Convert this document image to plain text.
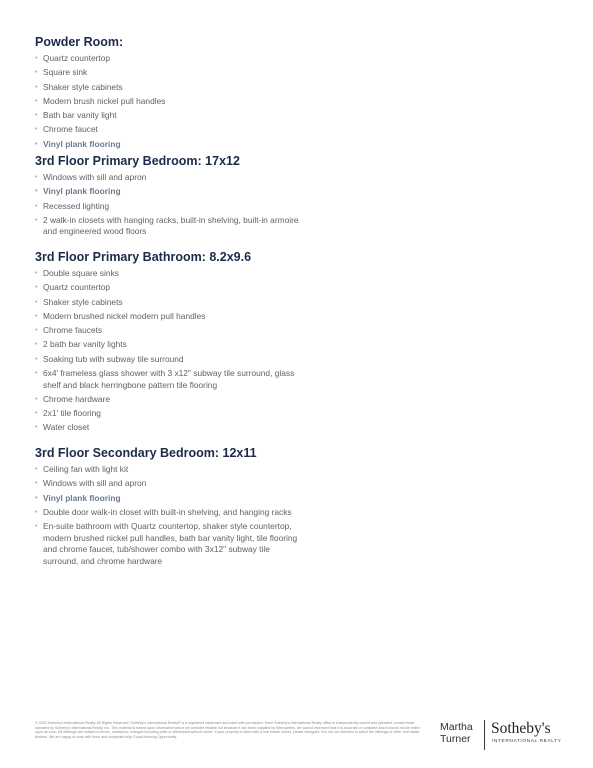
Powder Room:
• Quartz countertop
• Square sink
• Shaker style cabinets
• Modern brush nickel pull handles
• Bath bar vanity light
• Chrome faucet
• Vinyl plank flooring
3rd Floor Primary Bedroom: 17x12
• Windows with sill and apron
• Vinyl plank flooring
• Recessed lighting
• 2 walk-in closets with hanging racks, built-in shelving, built-in armoire and engineered wood floors
3rd Floor Primary Bathroom: 8.2x9.6
• Double square sinks
• Quartz countertop
• Shaker style cabinets
• Modern brushed nickel modern pull handles
• Chrome faucets
• 2 bath bar vanity lights
• Soaking tub with subway tile surround
• 6x4' frameless glass shower with 3 x12" subway tile surround, glass shelf and black herringbone pattern tile flooring
• Chrome hardware
• 2x1' tile flooring
• Water closet
3rd Floor Secondary Bedroom: 12x11
• Ceiling fan with light kit
• Windows with sill and apron
• Vinyl plank flooring
• Double door walk-in closet with built-in shelving, and hanging racks
• En-suite bathroom with Quartz countertop, shaker style countertop, modern brushed nickel pull handles, bath bar vanity light, tile flooring and chrome faucet, tub/shower combo with 3x12" subway tile surround, and chrome hardware
© 2023 Sotheby's International Realty. All Rights Reserved. Sotheby's International Realty® is a registered trademark and used with permission. Each Sotheby's International Realty office is independently owned and operated, except those operated by Sotheby's International Realty, Inc. This material is based upon information which we consider reliable but because it has been supplied by third parties, we cannot represent that it is accurate or complete and it should not be relied upon as such. All offerings are subject to errors, omissions, changes including price or withdrawal without notice. If your property is listed with a real estate broker, please disregard. It is not our intention to solicit the offerings of other real estate brokers. We are happy to work with them and cooperate fully. Equal Housing Opportunity.
Martha
Turner
Sotheby's
INTERNATIONAL REALTY
